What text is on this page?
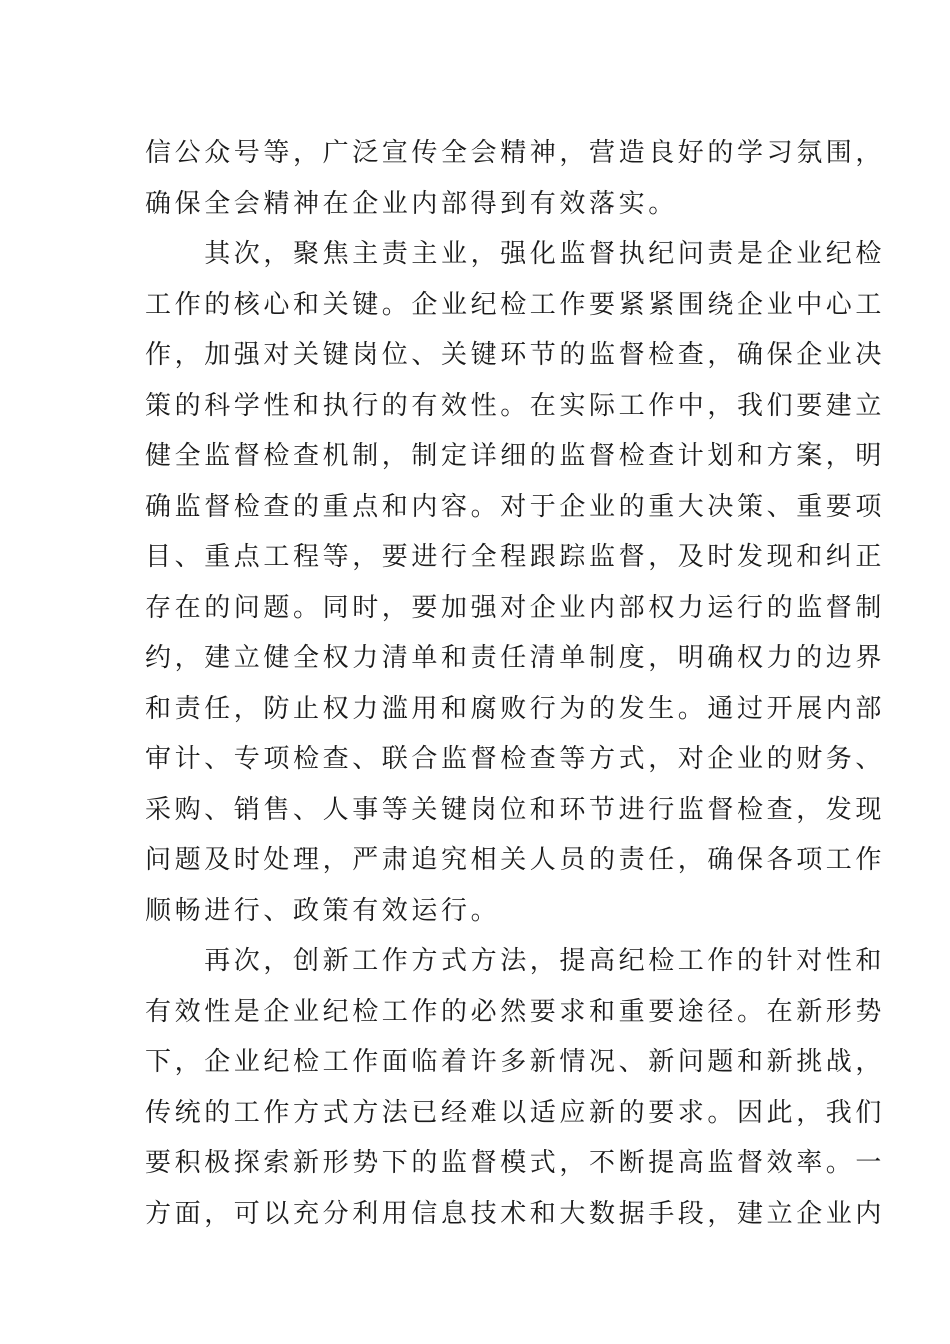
信公众号等，广泛宣传全会精神，营造良好的学习氛围，
确保全会精神在企业内部得到有效落实。
　　其次，聚焦主责主业，强化监督执纪问责是企业纪检
工作的核心和关键。企业纪检工作要紧紧围绕企业中心工
作，加强对关键岗位、关键环节的监督检查，确保企业决
策的科学性和执行的有效性。在实际工作中，我们要建立
健全监督检查机制，制定详细的监督检查计划和方案，明
确监督检查的重点和内容。对于企业的重大决策、重要项
目、重点工程等，要进行全程跟踪监督，及时发现和纠正
存在的问题。同时，要加强对企业内部权力运行的监督制
约，建立健全权力清单和责任清单制度，明确权力的边界
和责任，防止权力滥用和腐败行为的发生。通过开展内部
审计、专项检查、联合监督检查等方式，对企业的财务、
采购、销售、人事等关键岗位和环节进行监督检查，发现
问题及时处理，严肃追究相关人员的责任，确保各项工作
顺畅进行、政策有效运行。
　　再次，创新工作方式方法，提高纪检工作的针对性和
有效性是企业纪检工作的必然要求和重要途径。在新形势
下，企业纪检工作面临着许多新情况、新问题和新挑战，
传统的工作方式方法已经难以适应新的要求。因此，我们
要积极探索新形势下的监督模式，不断提高监督效率。一
方面，可以充分利用信息技术和大数据手段，建立企业内
